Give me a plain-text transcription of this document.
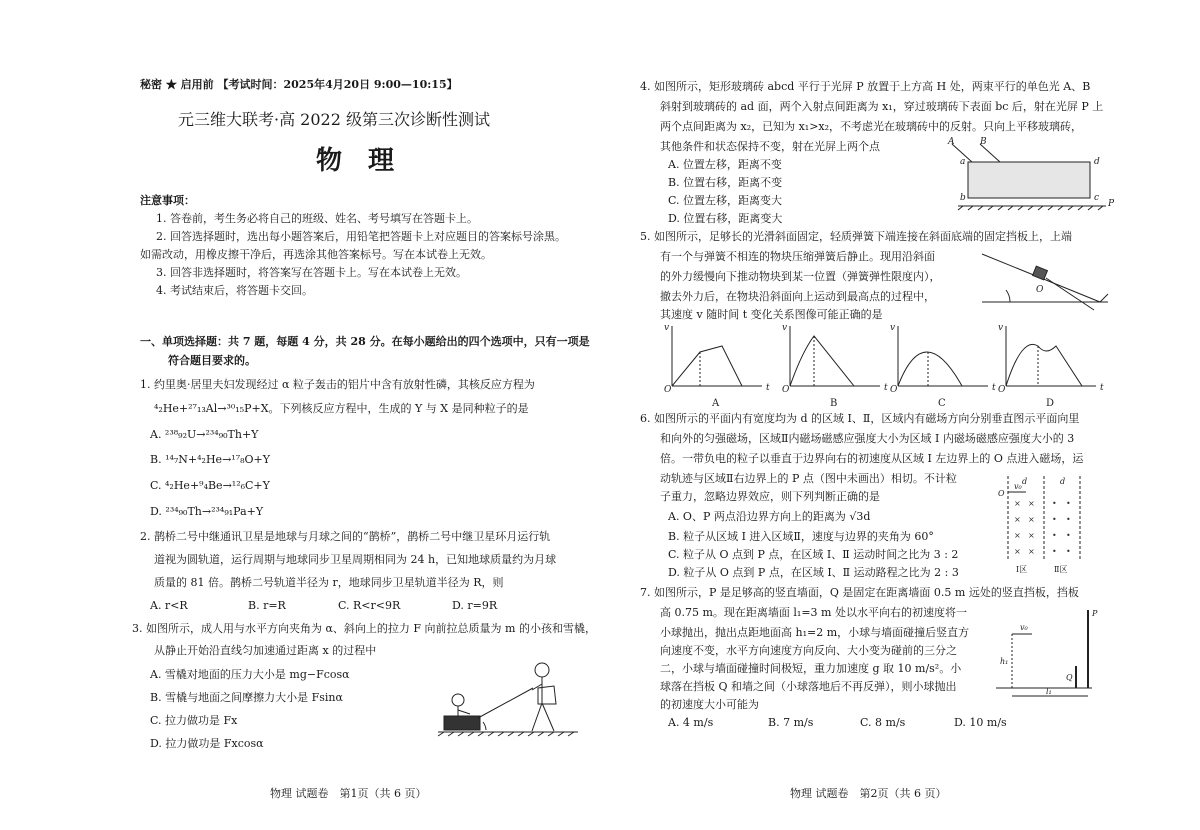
秘密 ★ 启用前 【考试时间：2025年4月20日 9:00—10:15】
元三维大联考·高 2022 级第三次诊断性测试
物　理
注意事项：
1. 答卷前，考生务必将自己的班级、姓名、考号填写在答题卡上。
2. 回答选择题时，选出每小题答案后，用铅笔把答题卡上对应题目的答案标号涂黑。
如需改动，用橡皮擦干净后，再选涂其他答案标号。写在本试卷上无效。
3. 回答非选择题时，将答案写在答题卡上。写在本试卷上无效。
4. 考试结束后，将答题卡交回。
一、单项选择题：共 7 题，每题 4 分，共 28 分。在每小题给出的四个选项中，只有一项是
符合题目要求的。
1. 约里奥·居里夫妇发现经过 α 粒子轰击的铝片中含有放射性磷，其核反应方程为
⁴₂He+²⁷₁₃Al→³⁰₁₅P+X。下列核反应方程中，生成的 Y 与 X 是同种粒子的是
A. ²³⁸₉₂U→²³⁴₉₀Th+Y
B. ¹⁴₇N+⁴₂He→¹⁷₈O+Y
C. ⁴₂He+⁹₄Be→¹²₆C+Y
D. ²³⁴₉₀Th→²³⁴₉₁Pa+Y
2. 鹊桥二号中继通讯卫星是地球与月球之间的“鹊桥”，鹊桥二号中继卫星环月运行轨
道视为圆轨道，运行周期与地球同步卫星周期相同为 24 h，已知地球质量约为月球
质量的 81 倍。鹊桥二号轨道半径为 r，地球同步卫星轨道半径为 R，则
A. r<R	B. r=R	C. R<r<9R	D. r=9R
3. 如图所示，成人用与水平方向夹角为 α、斜向上的拉力 F 向前拉总质量为 m 的小孩和雪橇，
从静止开始沿直线匀加速通过距离 x 的过程中
A. 雪橇对地面的压力大小是 mg−Fcosα
B. 雪橇与地面之间摩擦力大小是 Fsinα
C. 拉力做功是 Fx
D. 拉力做功是 Fxcosα
物理 试题卷　第1页（共 6 页）
4. 如图所示，矩形玻璃砖 abcd 平行于光屏 P 放置于上方高 H 处，两束平行的单色光 A、B
斜射到玻璃砖的 ad 面，两个入射点间距离为 x₁，穿过玻璃砖下表面 bc 后，射在光屏 P 上
两个点间距离为 x₂，已知为 x₁>x₂，不考虑光在玻璃砖中的反射。只向上平移玻璃砖，
其他条件和状态保持不变，射在光屏上两个点
A. 位置左移，距离不变
B. 位置右移，距离不变
C. 位置左移，距离变大
D. 位置右移，距离变大
A	B
a
b	c
d
P
5. 如图所示，足够长的光滑斜面固定，轻质弹簧下端连接在斜面底端的固定挡板上，上端
有一个与弹簧不相连的物块压缩弹簧后静止。现用沿斜面
的外力缓慢向下推动物块到某一位置（弹簧弹性限度内），
撤去外力后，在物块沿斜面向上运动到最高点的过程中，
其速度 v 随时间 t 变化关系图像可能正确的是
O
v
t
O
v
t
O
v
t
O
v
t
O
A	B	C	D
6. 如图所示的平面内有宽度均为 d 的区域 Ⅰ、Ⅱ，区域内有磁场方向分别垂直图示平面向里
和向外的匀强磁场，区域Ⅱ内磁场磁感应强度大小为区域 Ⅰ 内磁场磁感应强度大小的 3
倍。一带负电的粒子以垂直于边界向右的初速度从区域 Ⅰ 左边界上的 O 点进入磁场，运
动轨迹与区域Ⅱ右边界上的 P 点（图中未画出）相切。不计粒
子重力，忽略边界效应，则下列判断正确的是
A. O、P 两点沿边界方向上的距离为 √3d
B. 粒子从区域 Ⅰ 进入区域Ⅱ，速度与边界的夹角为 60°
C. 粒子从 O 点到 P 点，在区域 Ⅰ、Ⅱ 运动时间之比为 3 : 2
D. 粒子从 O 点到 P 点，在区域 Ⅰ、Ⅱ 运动路程之比为 2 : 3
× ×
× ×
× ×
× ×
• •
• •
• •
• •
O
d	d
v₀
Ⅰ区	Ⅱ区
7. 如图所示，P 是足够高的竖直墙面，Q 是固定在距离墙面 0.5 m 远处的竖直挡板，挡板
高 0.75 m。现在距离墙面 l₁=3 m 处以水平向右的初速度将一
小球抛出，抛出点距地面高 h₁=2 m，小球与墙面碰撞后竖直方
向速度不变，水平方向速度方向反向、大小变为碰前的三分之
二，小球与墙面碰撞时间极短，重力加速度 g 取 10 m/s²。小
球落在挡板 Q 和墙之间（小球落地后不再反弹），则小球抛出
的初速度大小可能为
A. 4 m/s	B. 7 m/s	C. 8 m/s	D. 10 m/s
P
Q
v₀
h₁
l₁
物理 试题卷　第2页（共 6 页）
